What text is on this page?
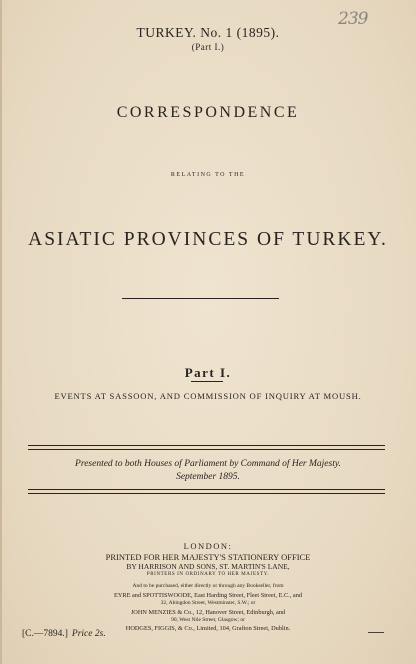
239
TURKEY. No. 1 (1895).
(Part I.)
CORRESPONDENCE
RELATING TO THE
ASIATIC PROVINCES OF TURKEY.
Part I.
EVENTS AT SASSOON, AND COMMISSION OF INQUIRY AT MOUSH.
Presented to both Houses of Parliament by Command of Her Majesty.
September 1895.
LONDON:
PRINTED FOR HER MAJESTY'S STATIONERY OFFICE
BY HARRISON AND SONS, ST. MARTIN'S LANE,
PRINTERS IN ORDINARY TO HER MAJESTY.
And to be purchased, either directly or through any Bookseller, from
EYRE and SPOTTISWOODE, East Harding Street, Fleet Street, E.C., and
32, Abingdon Street, Westminster, S.W.; or
JOHN MENZIES & Co., 12, Hanover Street, Edinburgh, and
90, West Nile Street, Glasgow; or
HODGES, FIGGIS, & Co., Limited, 104, Grafton Street, Dublin.
[C.—7894.] Price 2s.
